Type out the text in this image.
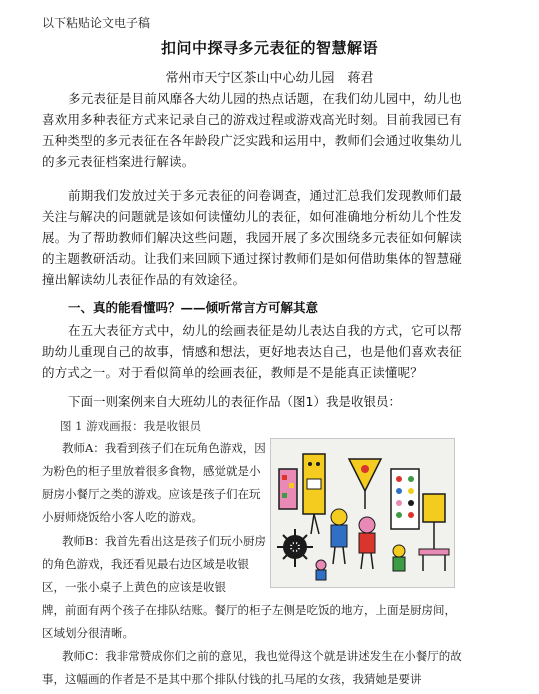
以下粘贴论文电子稿
扣问中探寻多元表征的智慧解语
常州市天宁区茶山中心幼儿园　蒋君

多元表征是目前风靡各大幼儿园的热点话题，在我们幼儿园中，幼儿也喜欢用多种表征方式来记录自己的游戏过程或游戏高光时刻。目前我园已有五种类型的多元表征在各年龄段广泛实践和运用中，教师们会通过收集幼儿的多元表征档案进行解读。

前期我们发放过关于多元表征的问卷调查，通过汇总我们发现教师们最关注与解决的问题就是该如何读懂幼儿的表征，如何准确地分析幼儿个性发展。为了帮助教师们解决这些问题，我园开展了多次围绕多元表征如何解读的主题教研活动。让我们来回顾下通过探讨教师们是如何借助集体的智慧碰撞出解读幼儿表征作品的有效途径。

一、真的能看懂吗？——倾听常言方可解其意

在五大表征方式中，幼儿的绘画表征是幼儿表达自我的方式，它可以帮助幼儿重现自己的故事，情感和想法，更好地表达自己，也是他们喜欢表征的方式之一。对于看似简单的绘画表征，教师是不是能真正读懂呢？

下面一则案例来自大班幼儿的表征作品（图1）我是收银员：
图 1 游戏画报：我是收银员

教师A：我看到孩子们在玩角色游戏，因为粉色的柜子里放着很多食物，感觉就是小厨房小餐厅之类的游戏。应该是孩子们在玩小厨师烧饭给小客人吃的游戏。

教师B：我首先看出这是孩子们玩小厨房的角色游戏，我还看见最右边区域是收银区，一张小桌子上黄色的应该是收银

牌，前面有两个孩子在排队结账。餐厅的柜子左侧是吃饭的地方，上面是厨房间，区域划分很清晰。

教师C：我非常赞成你们之前的意见，我也觉得这个就是讲述发生在小餐厅的故事，这幅画的作者是不是其中那个排队付钱的扎马尾的女孩，我猜她是要讲
